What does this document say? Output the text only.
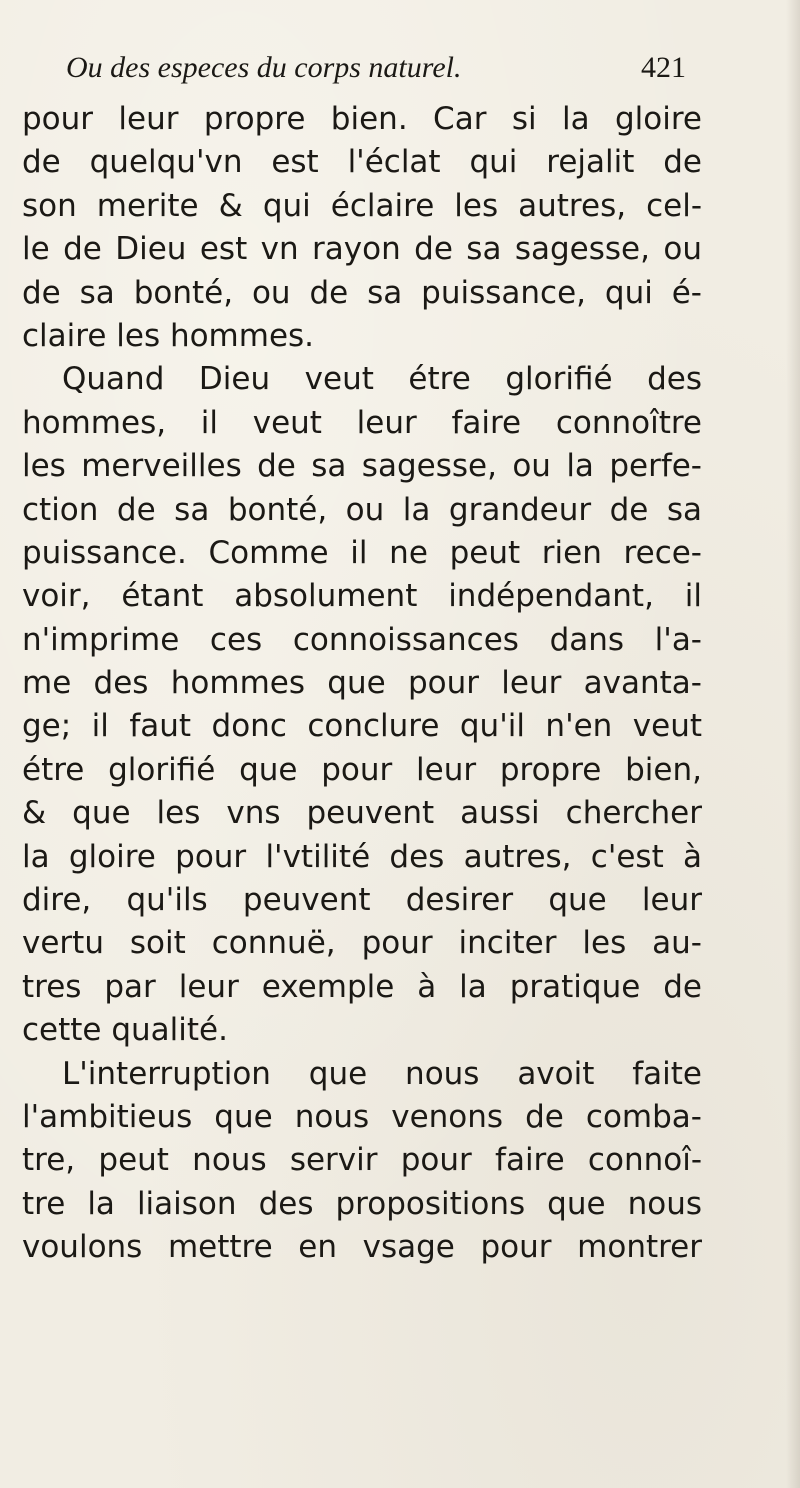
Ou des especes du corps naturel.	421
pour leur propre bien. Car si la gloire
de quelqu'vn est l'éclat qui rejalit de
son merite & qui éclaire les autres, cel-
le de Dieu est vn rayon de sa sagesse, ou
de sa bonté, ou de sa puissance, qui é-
claire les hommes.
Quand Dieu veut étre glorifié des
hommes, il veut leur faire connoître
les merveilles de sa sagesse, ou la perfe-
ction de sa bonté, ou la grandeur de sa
puissance. Comme il ne peut rien rece-
voir, étant absolument indépendant, il
n'imprime ces connoissances dans l'a-
me des hommes que pour leur avanta-
ge; il faut donc conclure qu'il n'en veut
étre glorifié que pour leur propre bien,
& que les vns peuvent aussi chercher
la gloire pour l'vtilité des autres, c'est à
dire, qu'ils peuvent desirer que leur
vertu soit connuë, pour inciter les au-
tres par leur exemple à la pratique de
cette qualité.
L'interruption que nous avoit faite
l'ambitieus que nous venons de comba-
tre, peut nous servir pour faire connoî-
tre la liaison des propositions que nous
voulons mettre en vsage pour montrer
